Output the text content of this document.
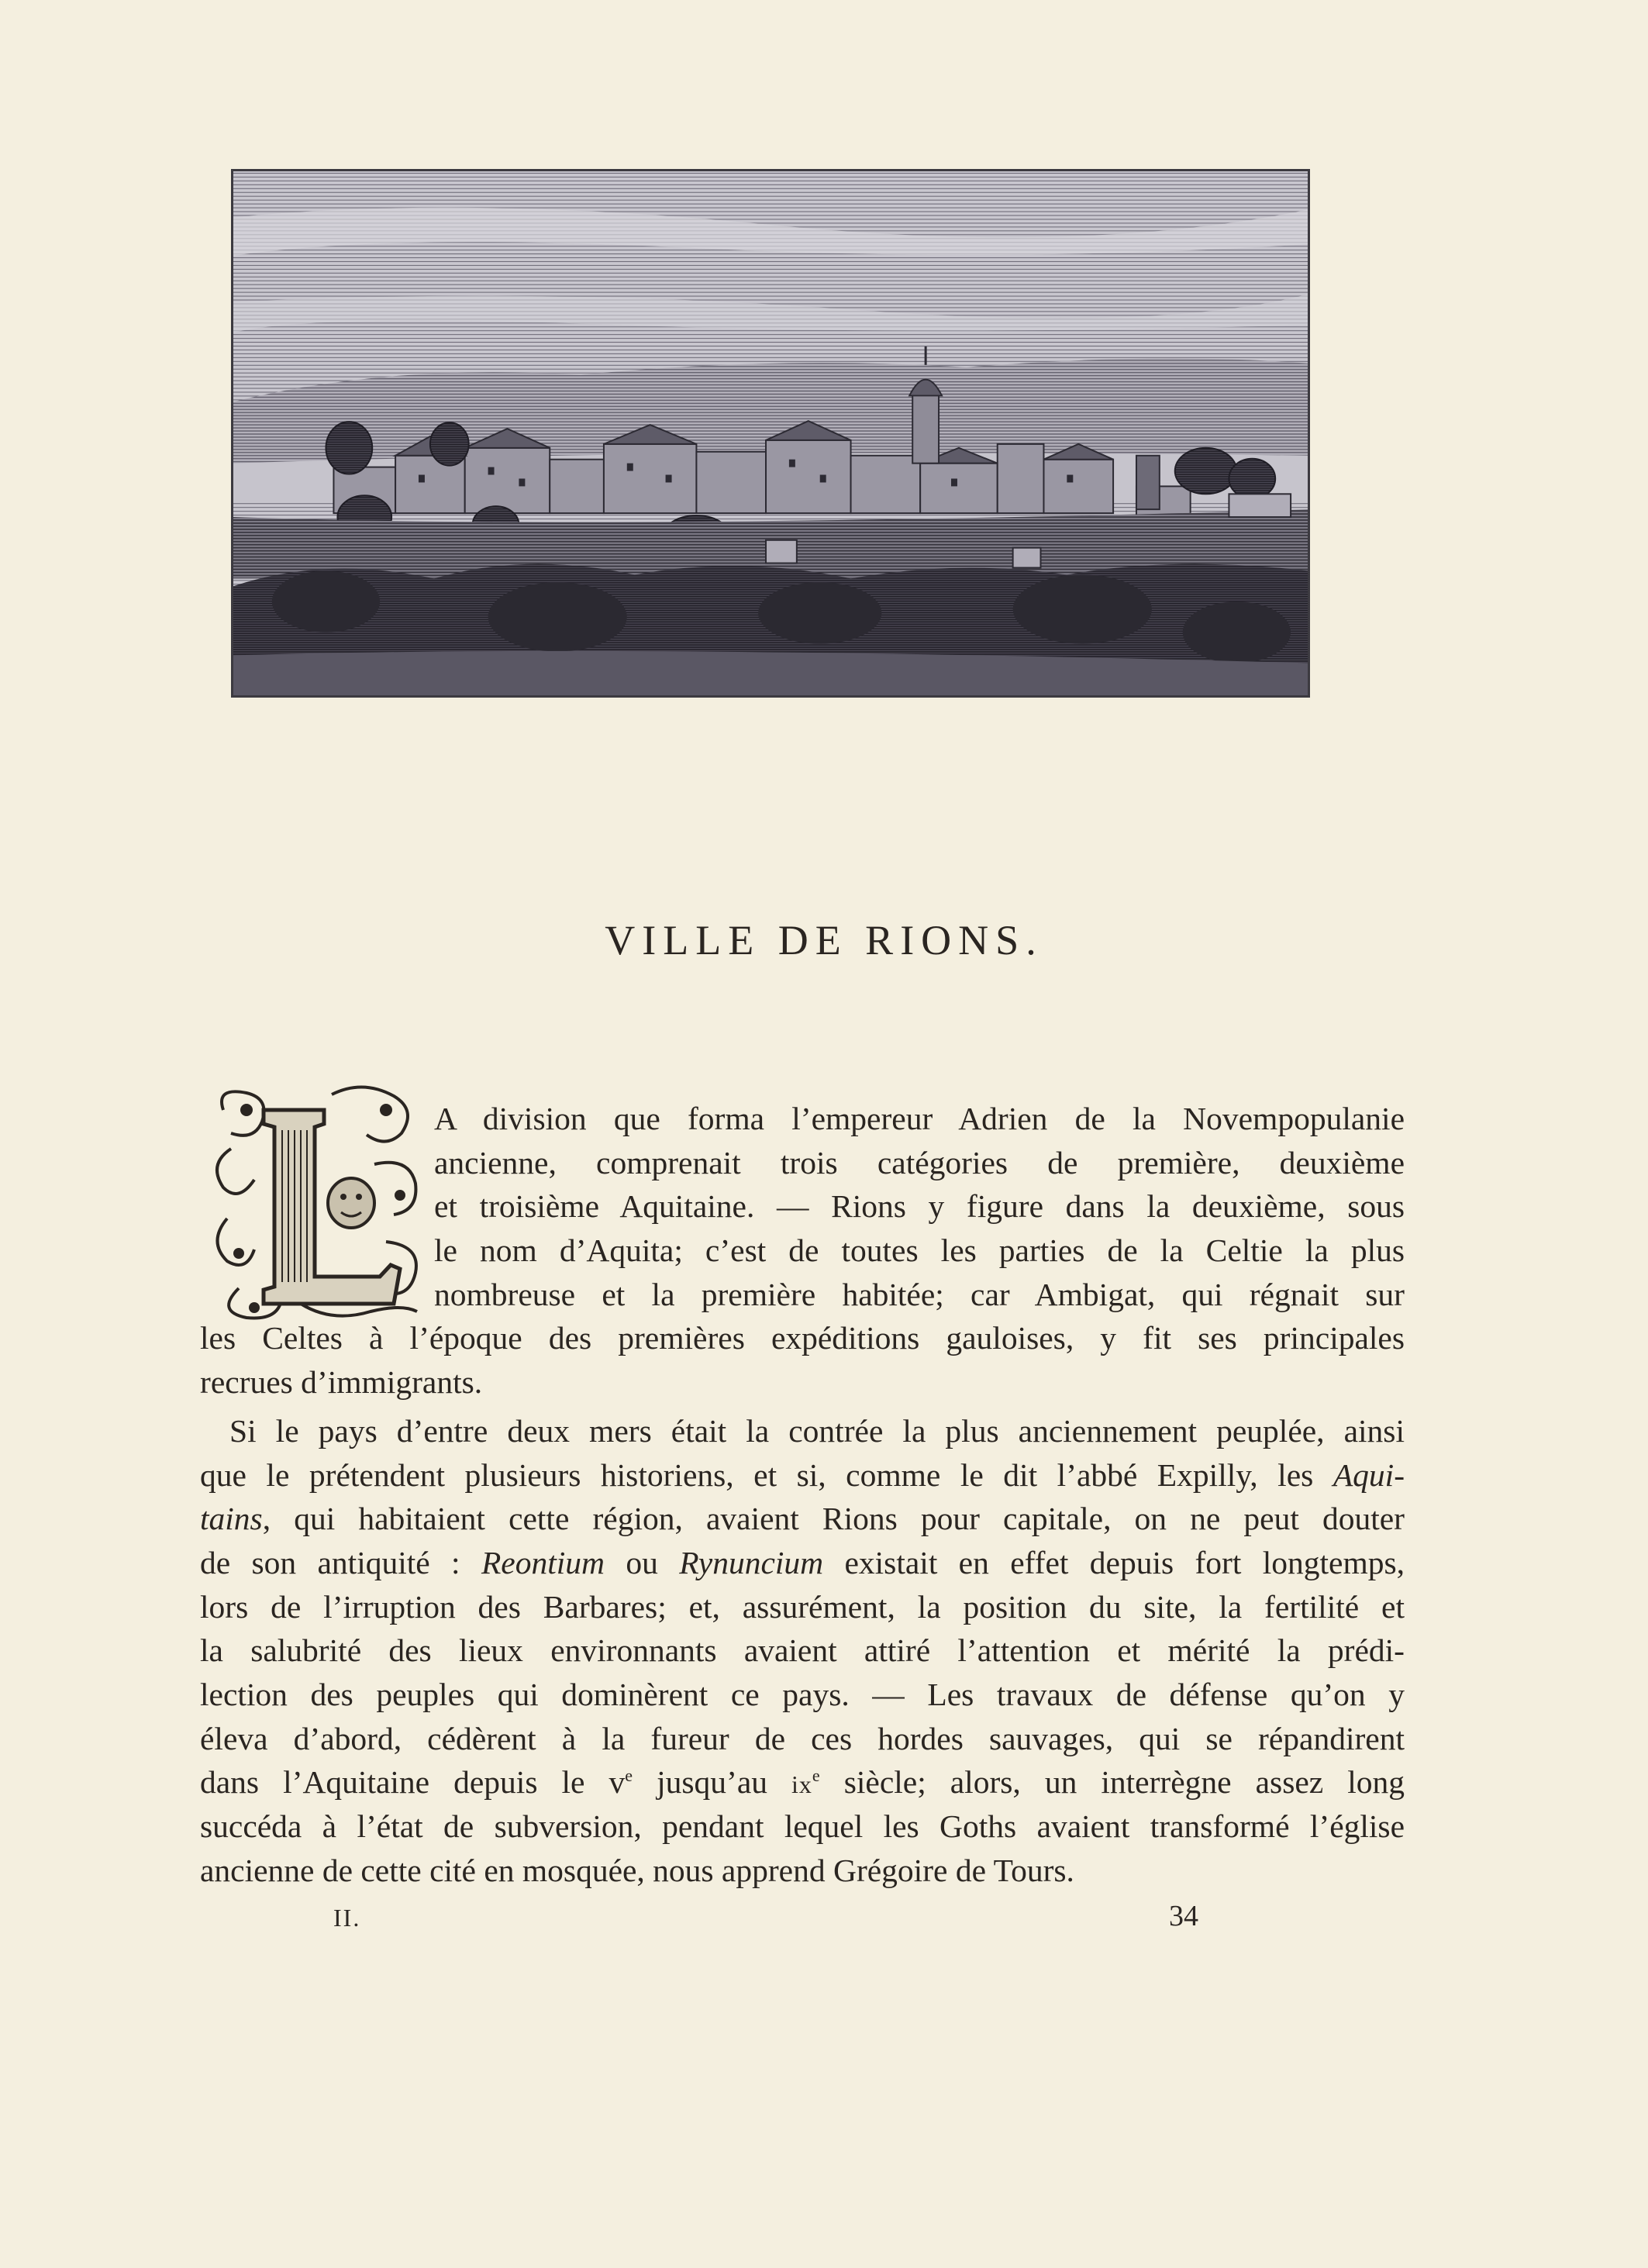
VILLE DE RIONS.
A division que forma l’empereur Adrien de la Novempopulanie
ancienne, comprenait trois catégories de première, deuxième
et troisième Aquitaine. — Rions y figure dans la deuxième, sous
le nom d’Aquita; c’est de toutes les parties de la Celtie la plus
nombreuse et la première habitée; car Ambigat, qui régnait sur
les Celtes à l’époque des premières expéditions gauloises, y fit ses principales
recrues d’immigrants.
Si le pays d’entre deux mers était la contrée la plus anciennement peuplée, ainsi
que le prétendent plusieurs historiens, et si, comme le dit l’abbé Expilly, les Aqui-
tains, qui habitaient cette région, avaient Rions pour capitale, on ne peut douter
de son antiquité : Reontium ou Rynuncium existait en effet depuis fort longtemps,
lors de l’irruption des Barbares; et, assurément, la position du site, la fertilité et
la salubrité des lieux environnants avaient attiré l’attention et mérité la prédi-
lection des peuples qui dominèrent ce pays. — Les travaux de défense qu’on y
éleva d’abord, cédèrent à la fureur de ces hordes sauvages, qui se répandirent
dans l’Aquitaine depuis le $v^e$ jusqu’au $ix^e$ siècle; alors, un interrègne assez long
succéda à l’état de subversion, pendant lequel les Goths avaient transformé l’église
ancienne de cette cité en mosquée, nous apprend Grégoire de Tours.
II.	34
